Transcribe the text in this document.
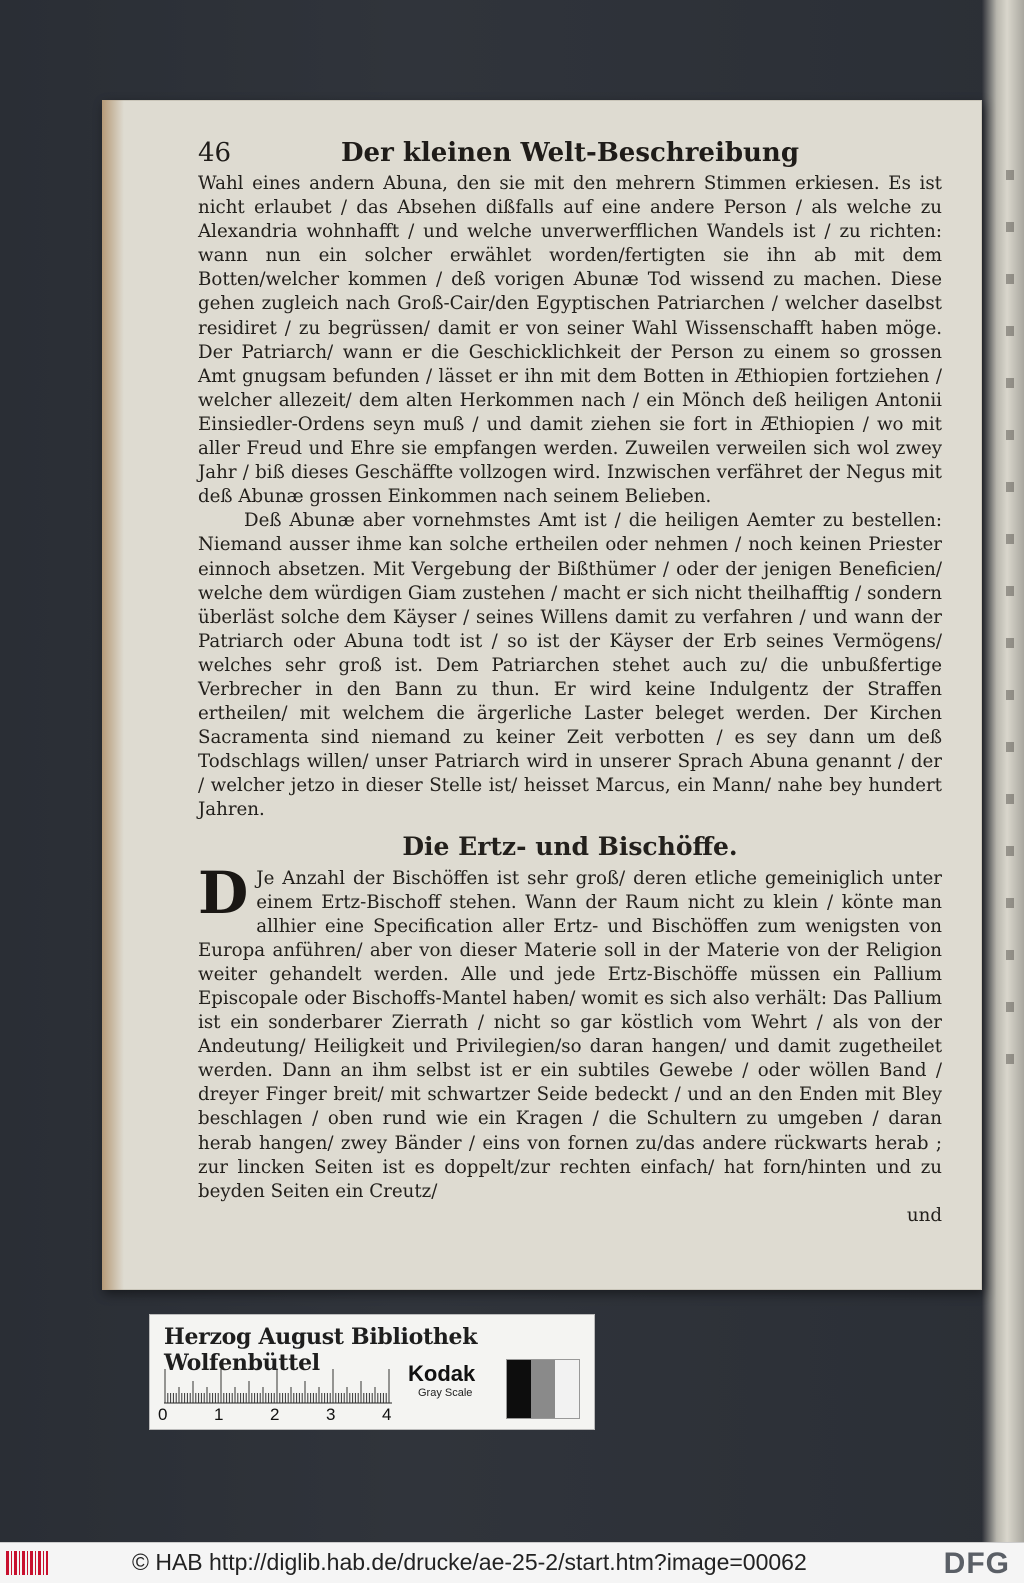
Der kleinen Welt-Beschreibung
46

Wahl eines andern Abuna, den sie mit den mehrern Stimmen erkiesen. Es ist nicht erlaubet / das Absehen dißfalls auf eine andere Person / als welche zu Alexandria wohnhafft / und welche unverwerfflichen Wandels ist / zu richten: wann nun ein solcher erwählet worden/fertigten sie ihn ab mit dem Botten/welcher kommen / deß vorigen Abunæ Tod wissend zu machen. Diese gehen zugleich nach Groß-Cair/den Egyptischen Patriarchen / welcher daselbst residiret / zu begrüssen/ damit er von seiner Wahl Wissenschafft haben möge. Der Patriarch/ wann er die Geschicklichkeit der Person zu einem so grossen Amt gnugsam befunden / lässet er ihn mit dem Botten in Æthiopien fortziehen / welcher allezeit/ dem alten Herkommen nach / ein Mönch deß heiligen Antonii Einsiedler-Ordens seyn muß / und damit ziehen sie fort in Æthiopien / wo mit aller Freud und Ehre sie empfangen werden. Zuweilen verweilen sich wol zwey Jahr / biß dieses Geschäffte vollzogen wird. Inzwischen verfähret der Negus mit deß Abunæ grossen Einkommen nach seinem Belieben.

Deß Abunæ aber vornehmstes Amt ist / die heiligen Aemter zu bestellen: Niemand ausser ihme kan solche ertheilen oder nehmen / noch keinen Priester einnoch absetzen. Mit Vergebung der Bißthümer / oder der jenigen Beneficien/ welche dem würdigen Giam zustehen / macht er sich nicht theilhafftig / sondern überläst solche dem Käyser / seines Willens damit zu verfahren / und wann der Patriarch oder Abuna todt ist / so ist der Käyser der Erb seines Vermögens/ welches sehr groß ist. Dem Patriarchen stehet auch zu/ die unbußfertige Verbrecher in den Bann zu thun. Er wird keine Indulgentz der Straffen ertheilen/ mit welchem die ärgerliche Laster beleget werden. Der Kirchen Sacramenta sind niemand zu keiner Zeit verbotten / es sey dann um deß Todschlags willen/ unser Patriarch wird in unserer Sprach Abuna genannt / der / welcher jetzo in dieser Stelle ist/ heisset Marcus, ein Mann/ nahe bey hundert Jahren.

Die Ertz- und Bischöffe.
D Je Anzahl der Bischöffen ist sehr groß/ deren etliche gemeiniglich unter einem Ertz-Bischoff stehen. Wann der Raum nicht zu klein / könte man allhier eine Specification aller Ertz- und Bischöffen zum wenigsten von Europa anführen/ aber von dieser Materie soll in der Materie von der Religion weiter gehandelt werden. Alle und jede Ertz-Bischöffe müssen ein Pallium Episcopale oder Bischoffs-Mantel haben/ womit es sich also verhält: Das Pallium ist ein sonderbarer Zierrath / nicht so gar köstlich vom Wehrt / als von der Andeutung/ Heiligkeit und Privilegien/so daran hangen/ und damit zugetheilet werden. Dann an ihm selbst ist er ein subtiles Gewebe / oder wöllen Band / dreyer Finger breit/ mit schwartzer Seide bedeckt / und an den Enden mit Bley beschlagen / oben rund wie ein Kragen / die Schultern zu umgeben / daran herab hangen/ zwey Bänder / eins von fornen zu/das andere rückwarts herab ; zur lincken Seiten ist es doppelt/zur rechten einfach/ hat forn/hinten und zu beyden Seiten ein Creutz/

und
Herzog August Bibliothek Wolfenbüttel
0	1	2	3	4
Kodak
Gray Scale
© HAB http://diglib.hab.de/drucke/ae-25-2/start.htm?image=00062	DFG
